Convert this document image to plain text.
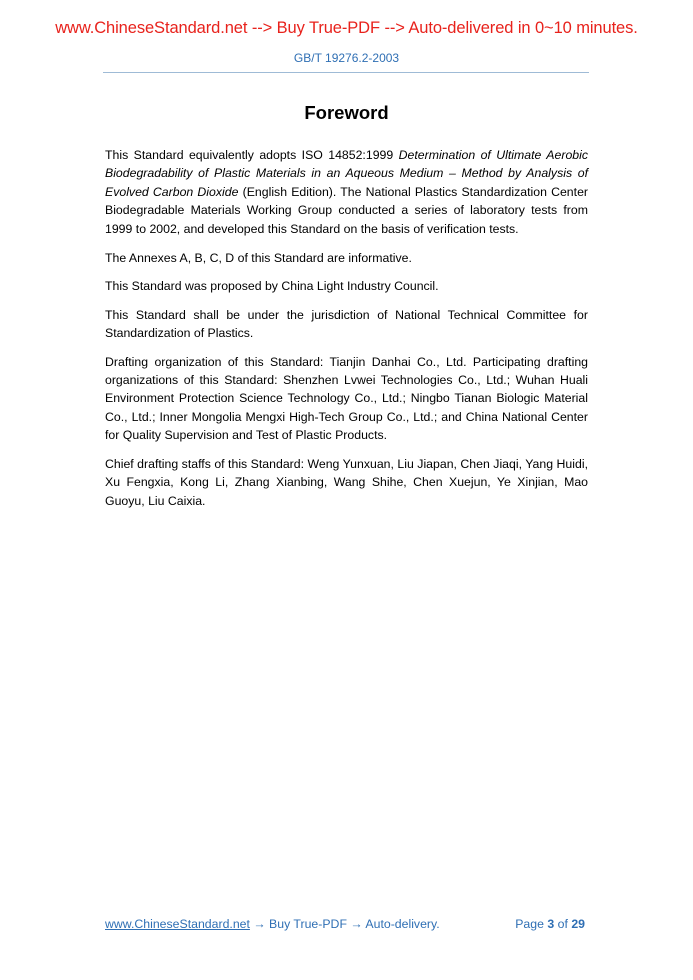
www.ChineseStandard.net --> Buy True-PDF --> Auto-delivered in 0~10 minutes.
GB/T 19276.2-2003
Foreword

This Standard equivalently adopts ISO 14852:1999 Determination of Ultimate Aerobic Biodegradability of Plastic Materials in an Aqueous Medium – Method by Analysis of Evolved Carbon Dioxide (English Edition). The National Plastics Standardization Center Biodegradable Materials Working Group conducted a series of laboratory tests from 1999 to 2002, and developed this Standard on the basis of verification tests.

The Annexes A, B, C, D of this Standard are informative.

This Standard was proposed by China Light Industry Council.

This Standard shall be under the jurisdiction of National Technical Committee for Standardization of Plastics.

Drafting organization of this Standard: Tianjin Danhai Co., Ltd. Participating drafting organizations of this Standard: Shenzhen Lvwei Technologies Co., Ltd.; Wuhan Huali Environment Protection Science Technology Co., Ltd.; Ningbo Tianan Biologic Material Co., Ltd.; Inner Mongolia Mengxi High-Tech Group Co., Ltd.; and China National Center for Quality Supervision and Test of Plastic Products.

Chief drafting staffs of this Standard: Weng Yunxuan, Liu Jiapan, Chen Jiaqi, Yang Huidi, Xu Fengxia, Kong Li, Zhang Xianbing, Wang Shihe, Chen Xuejun, Ye Xinjian, Mao Guoyu, Liu Caixia.

www.ChineseStandard.net → Buy True-PDF → Auto-delivery.	Page 3 of 29
